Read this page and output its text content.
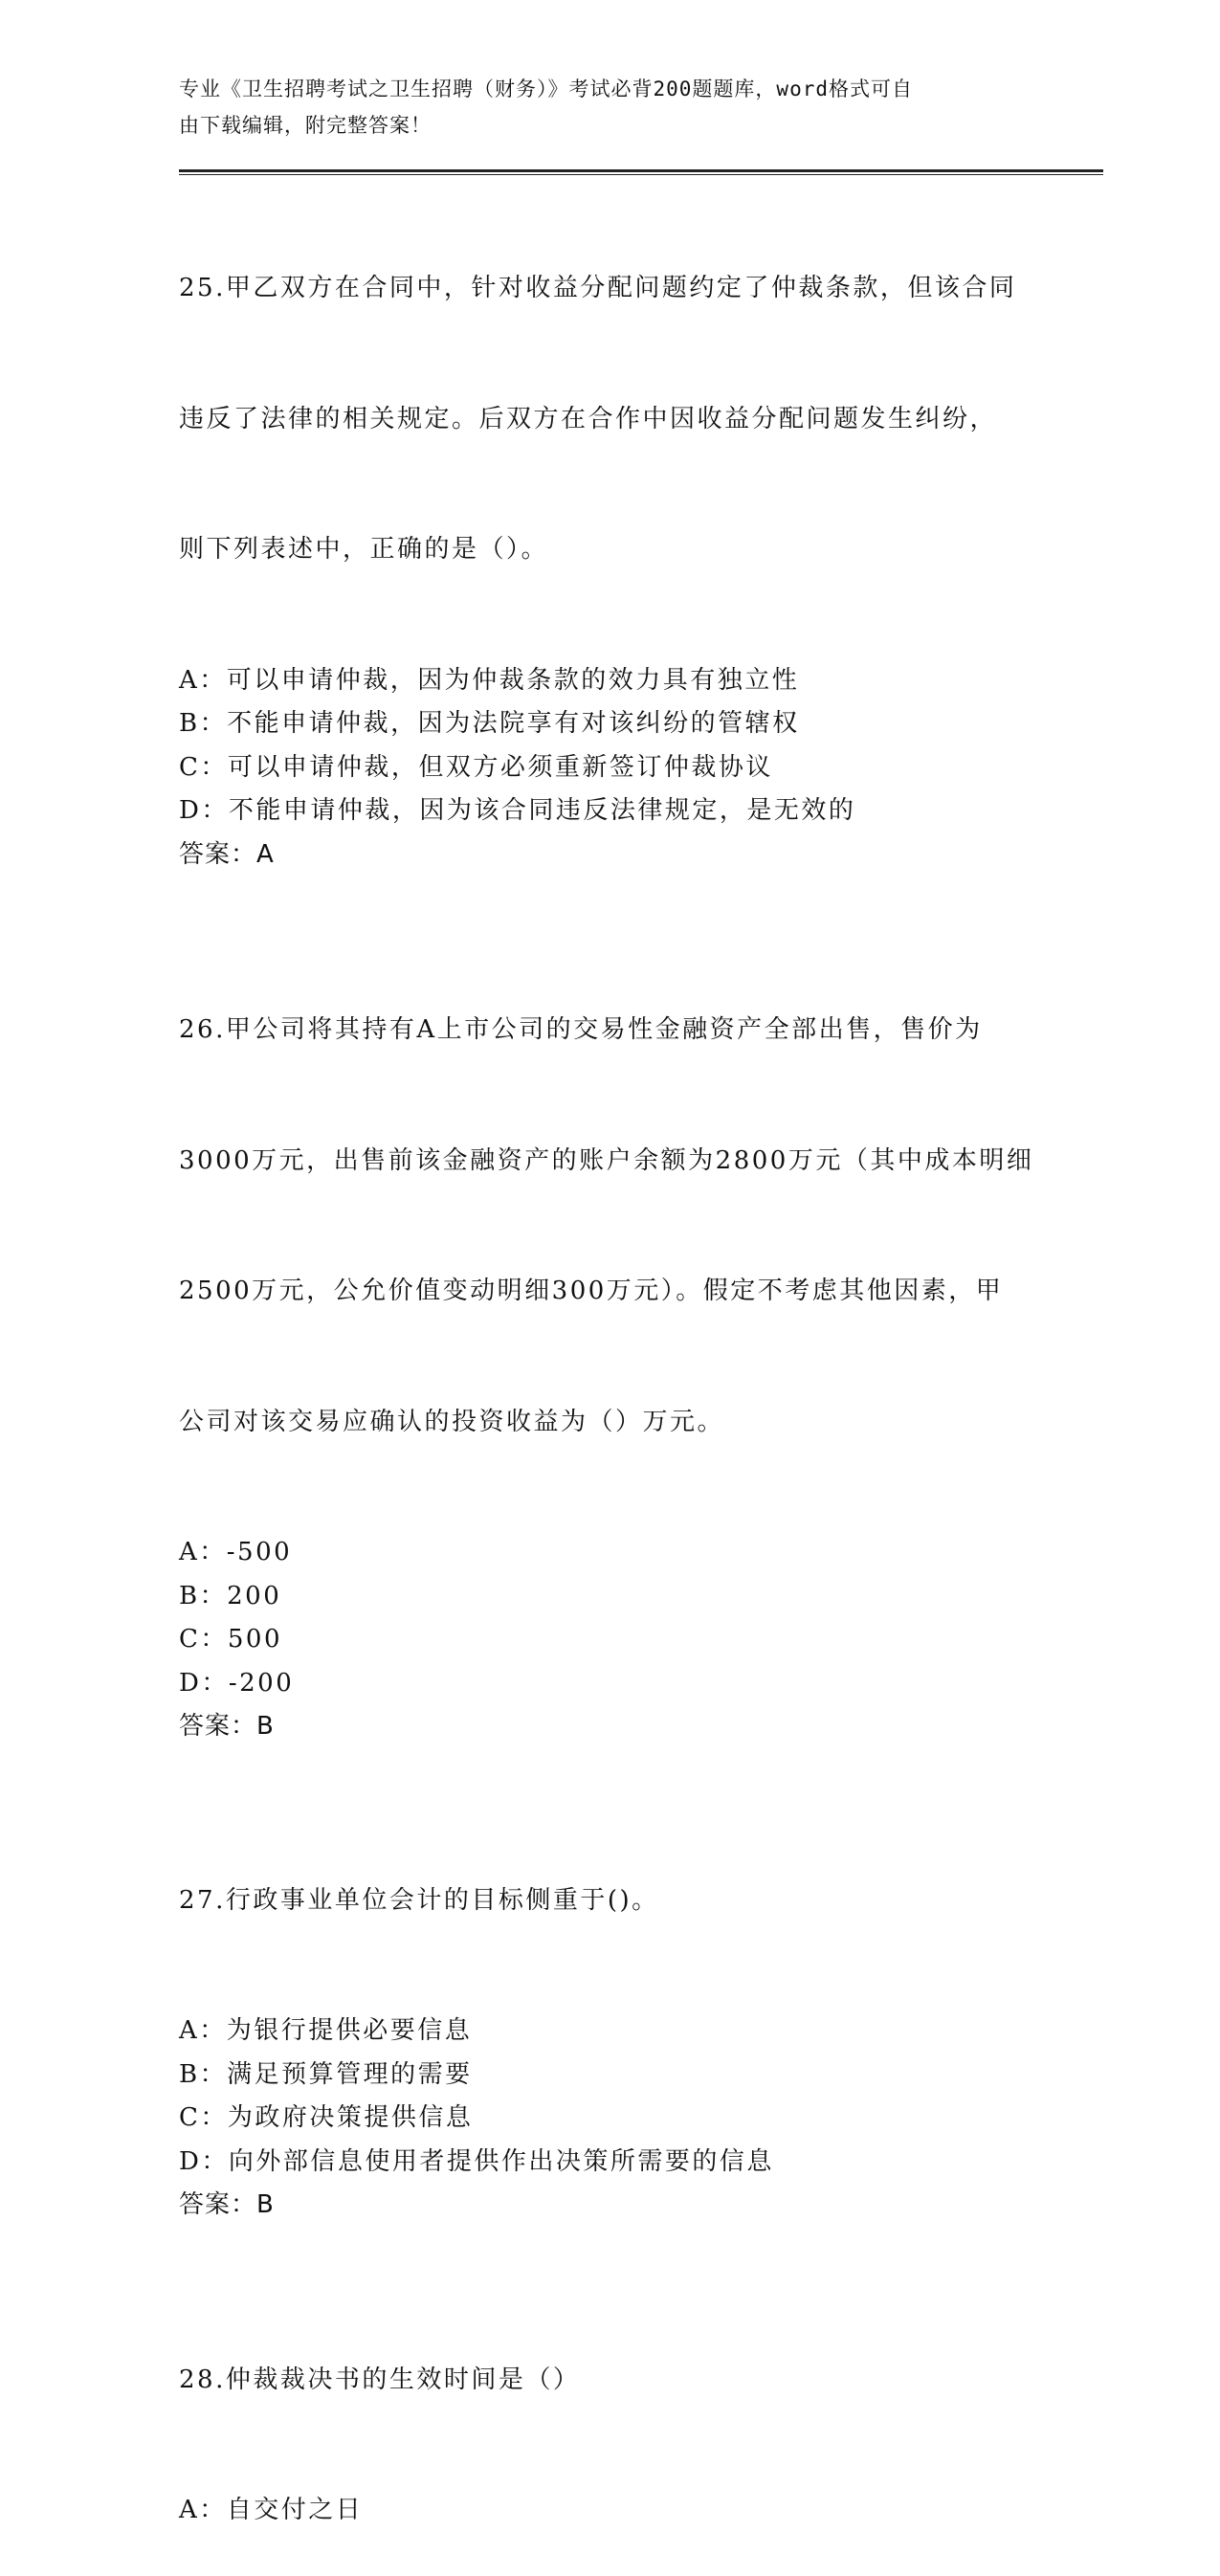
专业《卫生招聘考试之卫生招聘（财务）》考试必背200题题库，word格式可自
由下载编辑，附完整答案！

25.甲乙双方在合同中，针对收益分配问题约定了仲裁条款，但该合同

违反了法律的相关规定。后双方在合作中因收益分配问题发生纠纷，

则下列表述中，正确的是（）。

A：可以申请仲裁，因为仲裁条款的效力具有独立性
B：不能申请仲裁，因为法院享有对该纠纷的管辖权
C：可以申请仲裁，但双方必须重新签订仲裁协议
D：不能申请仲裁，因为该合同违反法律规定，是无效的
答案：A

26.甲公司将其持有A上市公司的交易性金融资产全部出售，售价为

3000万元，出售前该金融资产的账户余额为2800万元（其中成本明细

2500万元，公允价值变动明细300万元）。假定不考虑其他因素，甲

公司对该交易应确认的投资收益为（）万元。

A：-500
B：200
C：500
D：-200
答案：B

27.行政事业单位会计的目标侧重于()。

A：为银行提供必要信息
B：满足预算管理的需要
C：为政府决策提供信息
D：向外部信息使用者提供作出决策所需要的信息
答案：B

28.仲裁裁决书的生效时间是（）

A：自交付之日
